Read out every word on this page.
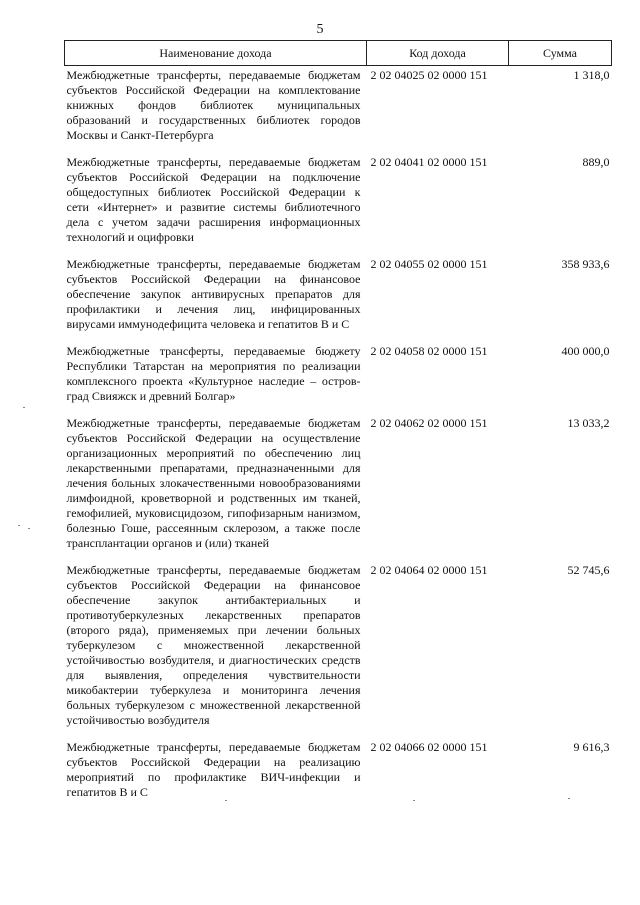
5
Наименование дохода	Код дохода	Сумма
Межбюджетные трансферты, передаваемые бюджетам субъектов Российской Федерации на комплектование книжных фондов библиотек муниципальных образований и государственных библиотек городов Москвы и Санкт-Петербурга	2 02 04025 02 0000 151	1 318,0
Межбюджетные трансферты, передаваемые бюджетам субъектов Российской Федерации на подключение общедоступных библиотек Российской Федерации к сети «Интернет» и развитие системы библиотечного дела с учетом задачи расширения информационных технологий и оцифровки	2 02 04041 02 0000 151	889,0
Межбюджетные трансферты, передаваемые бюджетам субъектов Российской Федерации на финансовое обеспечение закупок антивирусных препаратов для профилактики и лечения лиц, инфицированных вирусами иммунодефицита человека и гепатитов В и С	2 02 04055 02 0000 151	358 933,6
Межбюджетные трансферты, передаваемые бюджету Республики Татарстан на мероприятия по реализации комплексного проекта «Культурное наследие – остров-град Свияжск и древний Болгар»	2 02 04058 02 0000 151	400 000,0
Межбюджетные трансферты, передаваемые бюджетам субъектов Российской Федерации на осуществление организационных мероприятий по обеспечению лиц лекарственными препаратами, предназначенными для лечения больных злокачественными новообразованиями лимфоидной, кроветворной и родственных им тканей, гемофилией, муковисцидозом, гипофизарным нанизмом, болезнью Гоше, рассеянным склерозом, а также после трансплантации органов и (или) тканей	2 02 04062 02 0000 151	13 033,2
Межбюджетные трансферты, передаваемые бюджетам субъектов Российской Федерации на финансовое обеспечение закупок антибактериальных и противотуберкулезных лекарственных препаратов (второго ряда), применяемых при лечении больных туберкулезом с множественной лекарственной устойчивостью возбудителя, и диагностических средств для выявления, определения чувствительности микобактерии туберкулеза и мониторинга лечения больных туберкулезом с множественной лекарственной устойчивостью возбудителя	2 02 04064 02 0000 151	52 745,6
Межбюджетные трансферты, передаваемые бюджетам субъектов Российской Федерации на реализацию мероприятий по профилактике ВИЧ-инфекции и гепатитов В и С	2 02 04066 02 0000 151	9 616,3
